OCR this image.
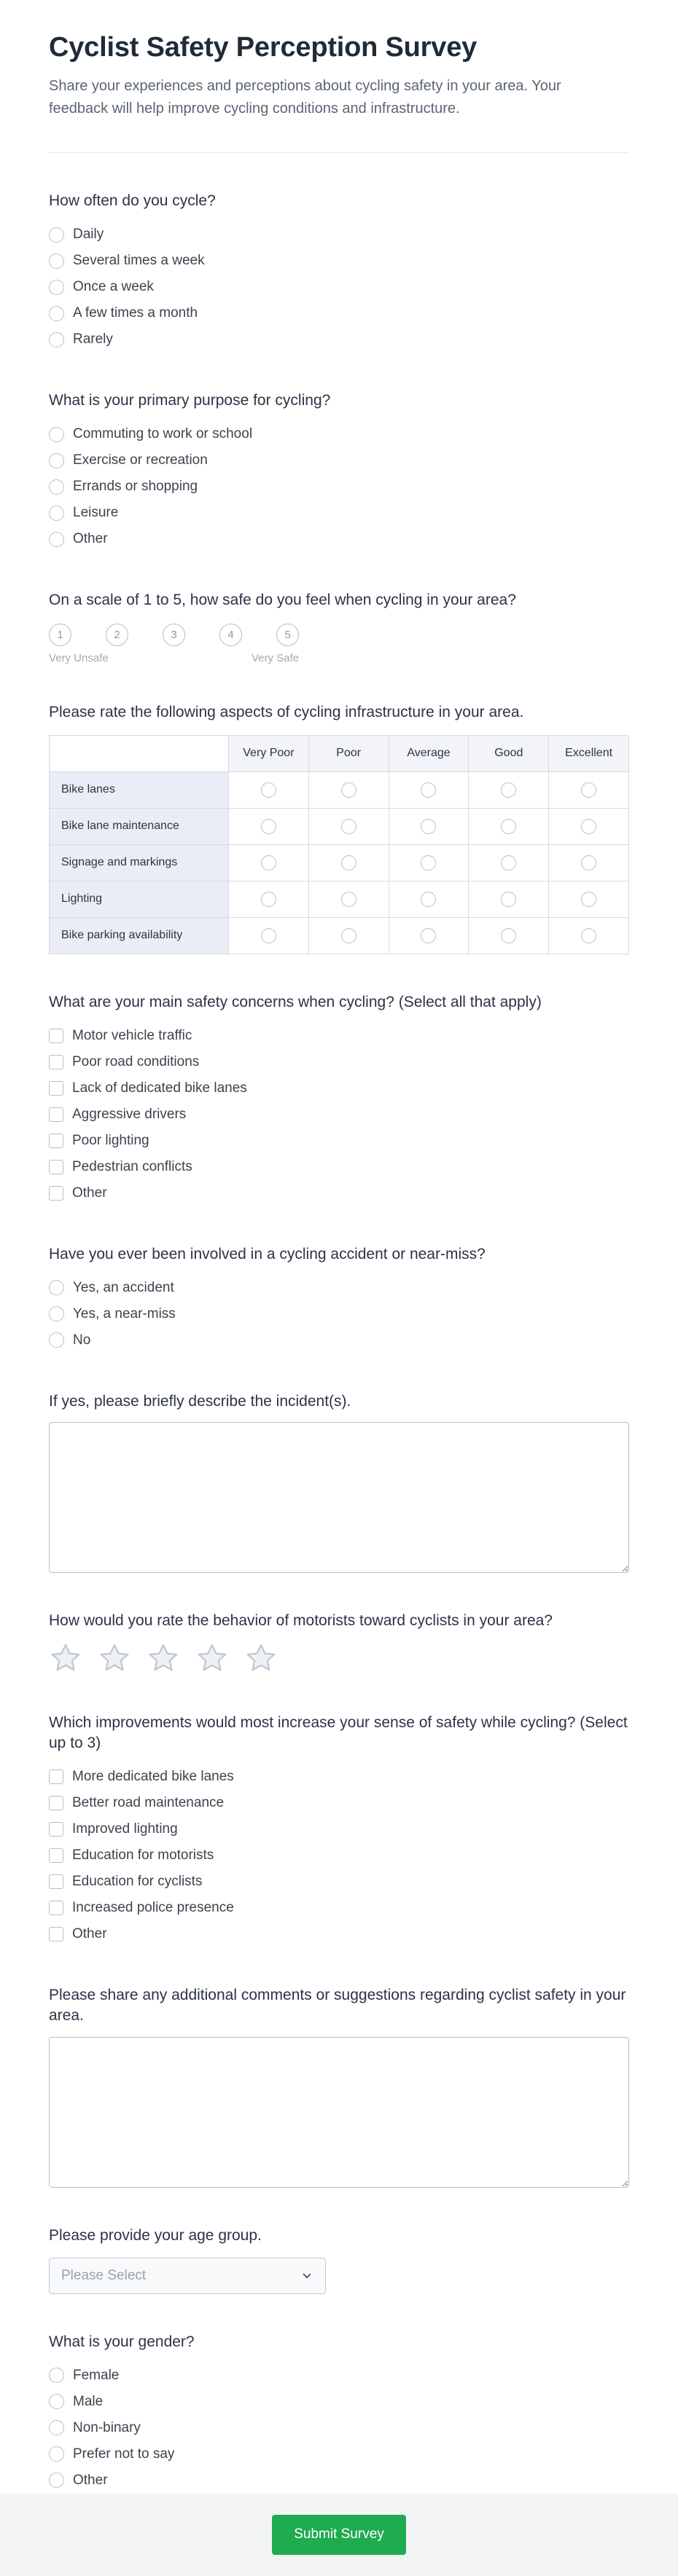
Cyclist Safety Perception Survey

Share your experiences and perceptions about cycling safety in your area. Your feedback will help improve cycling conditions and infrastructure.

How often do you cycle?
Daily
Several times a week
Once a week
A few times a month
Rarely
What is your primary purpose for cycling?
Commuting to work or school
Exercise or recreation
Errands or shopping
Leisure
Other
On a scale of 1 to 5, how safe do you feel when cycling in your area?
1	2	3	4	5
Very Unsafe	Very Safe
Please rate the following aspects of cycling infrastructure in your area.
	Very Poor	Poor	Average	Good	Excellent
Bike lanes					
Bike lane maintenance					
Signage and markings					
Lighting					
Bike parking availability					
What are your main safety concerns when cycling? (Select all that apply)
Motor vehicle traffic
Poor road conditions
Lack of dedicated bike lanes
Aggressive drivers
Poor lighting
Pedestrian conflicts
Other
Have you ever been involved in a cycling accident or near-miss?
Yes, an accident
Yes, a near-miss
No
If yes, please briefly describe the incident(s).
How would you rate the behavior of motorists toward cyclists in your area?
Which improvements would most increase your sense of safety while cycling? (Select up to 3)
More dedicated bike lanes
Better road maintenance
Improved lighting
Education for motorists
Education for cyclists
Increased police presence
Other
Please share any additional comments or suggestions regarding cyclist safety in your area.
Please provide your age group.
Please Select
What is your gender?
Female
Male
Non-binary
Prefer not to say
Other
Submit Survey
